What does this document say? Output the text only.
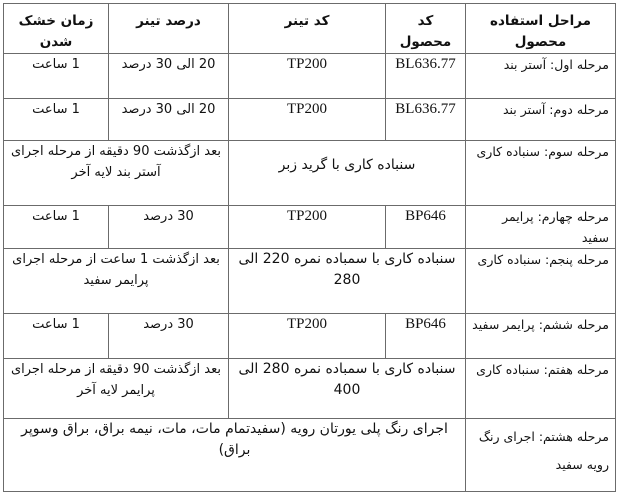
مراحل استفاده محصول	کد محصول	کد تینر	درصد تینر	زمان خشک شدن
مرحله اول: آستر بند	BL636.77	TP200	20 الی 30 درصد	1 ساعت
مرحله دوم: آستر بند	BL636.77	TP200	20 الی 30 درصد	1 ساعت
مرحله سوم: سنباده کاری	سنباده کاری با گرید زبر		بعد ازگذشت 90 دقیقه از مرحله اجرای آستر بند لایه آخر	
مرحله چهارم: پرایمر سفید	BP646	TP200	30 درصد	1 ساعت
مرحله پنجم: سنباده کاری	سنباده کاری با سمباده نمره 220 الی 280		بعد ازگذشت 1 ساعت از مرحله اجرای پرایمر سفید	
مرحله ششم: پرایمر سفید	BP646	TP200	30 درصد	1 ساعت
مرحله هفتم: سنباده کاری	سنباده کاری با سمباده نمره 280 الی 400		بعد ازگذشت 90 دقیقه از مرحله اجرای پرایمر لایه آخر	
مرحله هشتم: اجرای رنگ رویه سفید	اجرای رنگ پلی یورتان رویه (سفیدتمام مات، مات، نیمه براق، براق وسوپر براق)			
